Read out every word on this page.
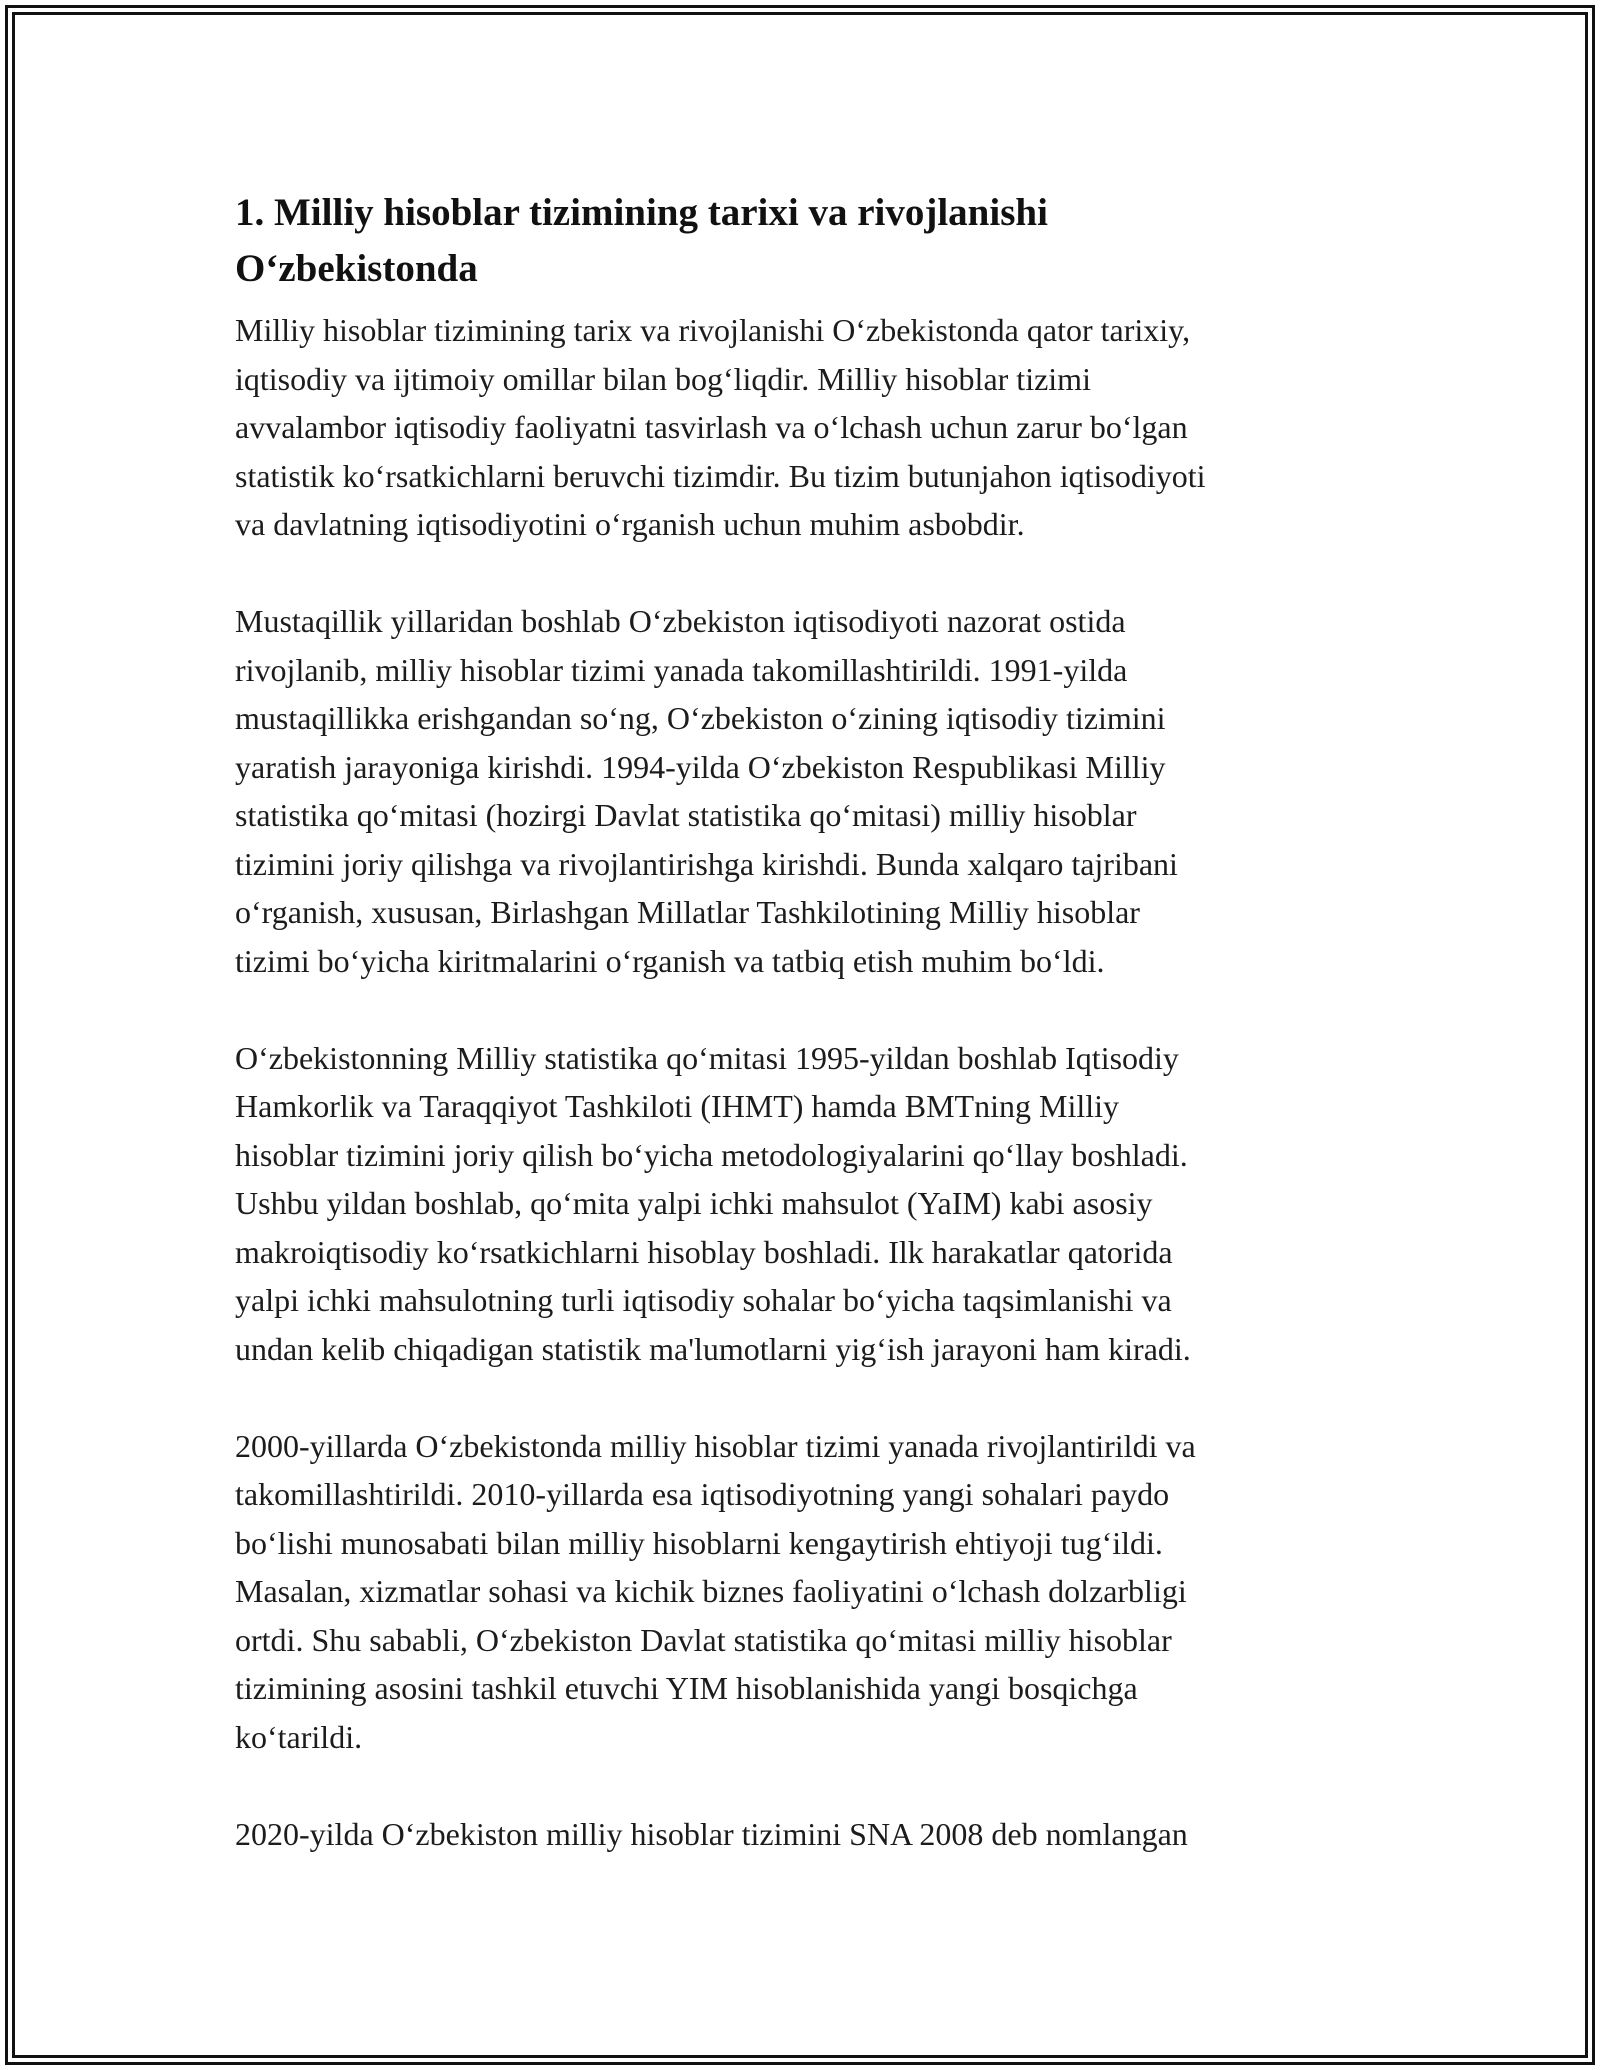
1. Milliy hisoblar tizimining tarixi va rivojlanishi
Oʻzbekistonda

Milliy hisoblar tizimining tarix va rivojlanishi Oʻzbekistonda qator tarixiy,
iqtisodiy va ijtimoiy omillar bilan bogʻliqdir. Milliy hisoblar tizimi
avvalambor iqtisodiy faoliyatni tasvirlash va oʻlchash uchun zarur boʻlgan
statistik koʻrsatkichlarni beruvchi tizimdir. Bu tizim butunjahon iqtisodiyoti
va davlatning iqtisodiyotini oʻrganish uchun muhim asbobdir.

Mustaqillik yillaridan boshlab Oʻzbekiston iqtisodiyoti nazorat ostida
rivojlanib, milliy hisoblar tizimi yanada takomillashtirildi. 1991-yilda
mustaqillikka erishgandan soʻng, Oʻzbekiston oʻzining iqtisodiy tizimini
yaratish jarayoniga kirishdi. 1994-yilda Oʻzbekiston Respublikasi Milliy
statistika qoʻmitasi (hozirgi Davlat statistika qoʻmitasi) milliy hisoblar
tizimini joriy qilishga va rivojlantirishga kirishdi. Bunda xalqaro tajribani
oʻrganish, xususan, Birlashgan Millatlar Tashkilotining Milliy hisoblar
tizimi boʻyicha kiritmalarini oʻrganish va tatbiq etish muhim boʻldi.

Oʻzbekistonning Milliy statistika qoʻmitasi 1995-yildan boshlab Iqtisodiy
Hamkorlik va Taraqqiyot Tashkiloti (IHMT) hamda BMTning Milliy
hisoblar tizimini joriy qilish boʻyicha metodologiyalarini qoʻllay boshladi.
Ushbu yildan boshlab, qoʻmita yalpi ichki mahsulot (YaIM) kabi asosiy
makroiqtisodiy koʻrsatkichlarni hisoblay boshladi. Ilk harakatlar qatorida
yalpi ichki mahsulotning turli iqtisodiy sohalar boʻyicha taqsimlanishi va
undan kelib chiqadigan statistik ma'lumotlarni yigʻish jarayoni ham kiradi.

2000-yillarda Oʻzbekistonda milliy hisoblar tizimi yanada rivojlantirildi va
takomillashtirildi. 2010-yillarda esa iqtisodiyotning yangi sohalari paydo
boʻlishi munosabati bilan milliy hisoblarni kengaytirish ehtiyoji tugʻildi.
Masalan, xizmatlar sohasi va kichik biznes faoliyatini oʻlchash dolzarbligi
ortdi. Shu sababli, Oʻzbekiston Davlat statistika qoʻmitasi milliy hisoblar
tizimining asosini tashkil etuvchi YIM hisoblanishida yangi bosqichga
koʻtarildi.

2020-yilda Oʻzbekiston milliy hisoblar tizimini SNA 2008 deb nomlangan
